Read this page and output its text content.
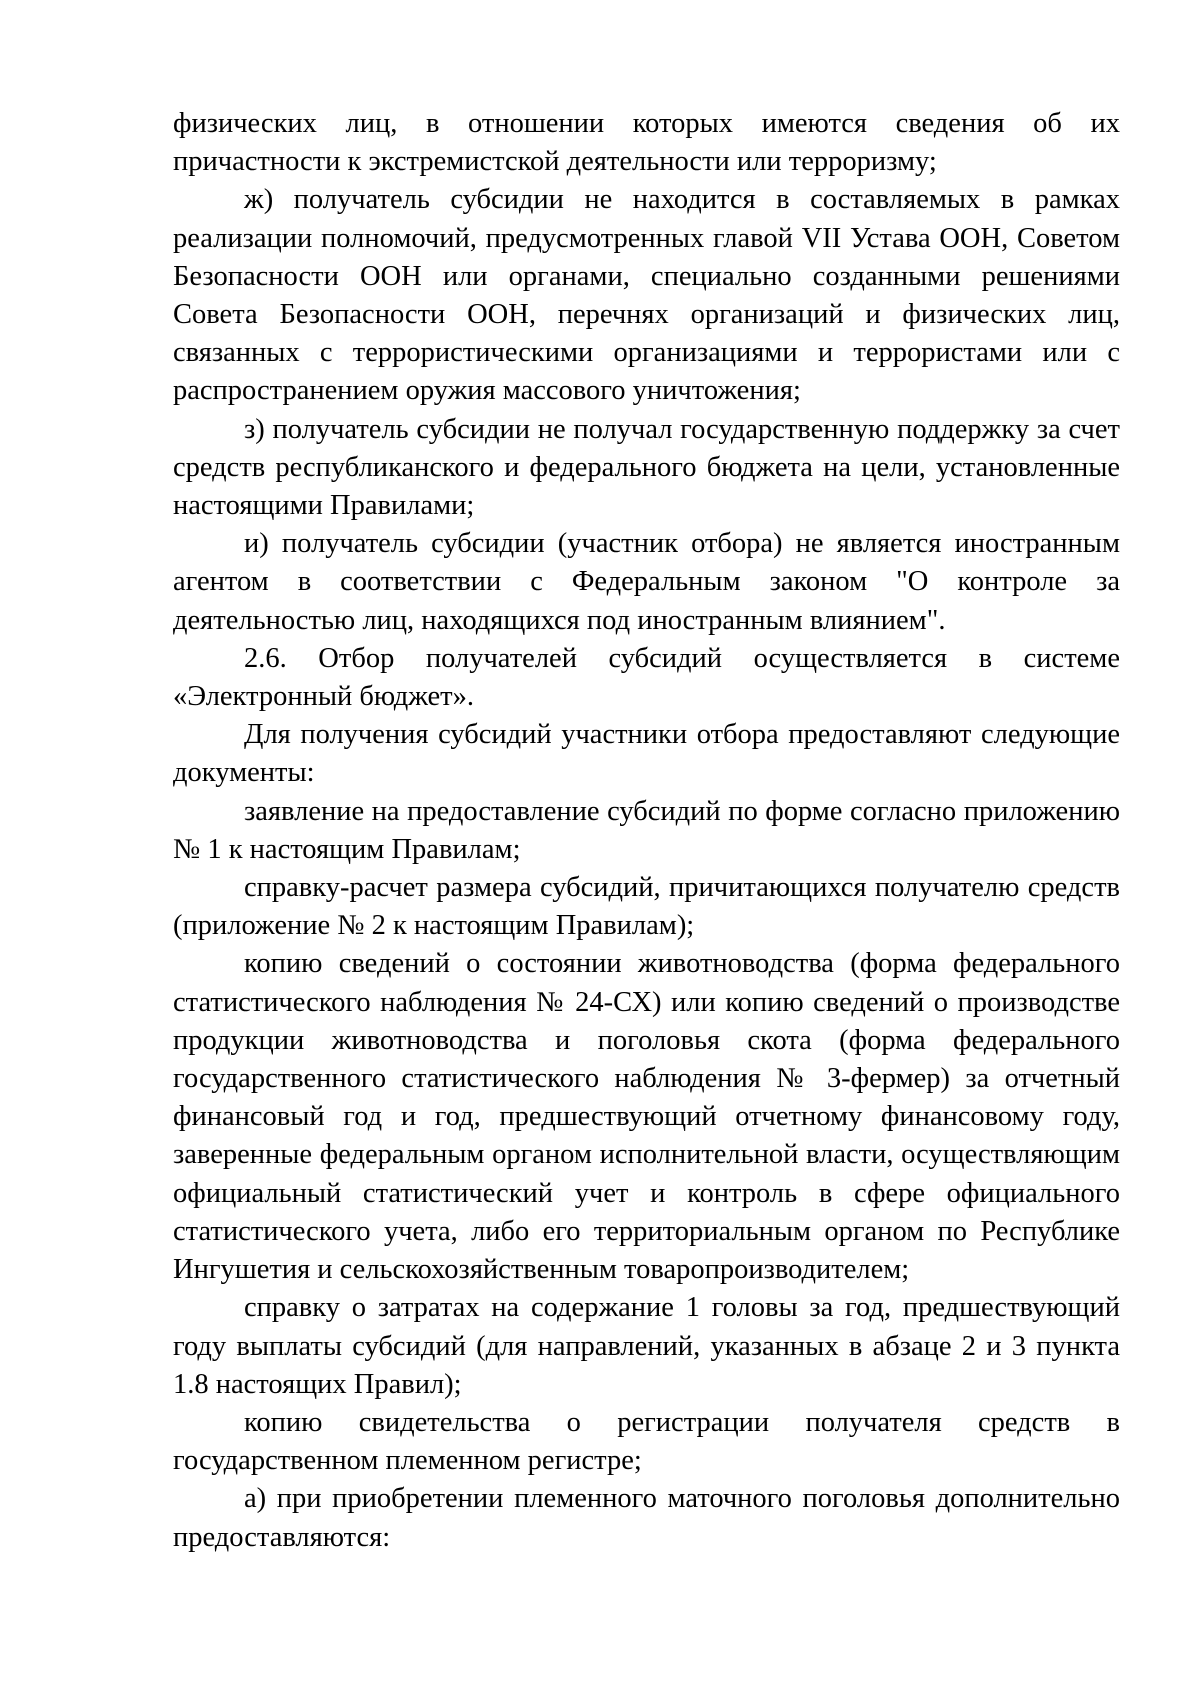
физических лиц, в отношении которых имеются сведения об их причастности к экстремистской деятельности или терроризму;

ж) получатель субсидии не находится в составляемых в рамках реализации полномочий, предусмотренных главой VII Устава ООН, Советом Безопасности ООН или органами, специально созданными решениями Совета Безопасности ООН, перечнях организаций и физических лиц, связанных с террористическими организациями и террористами или с распространением оружия массового уничтожения;

з) получатель субсидии не получал государственную поддержку за счет средств республиканского и федерального бюджета на цели, установленные настоящими Правилами;

и) получатель субсидии (участник отбора) не является иностранным агентом в соответствии с Федеральным законом "О контроле за деятельностью лиц, находящихся под иностранным влиянием".

2.6. Отбор получателей субсидий осуществляется в системе «Электронный бюджет».

Для получения субсидий участники отбора предоставляют следующие документы:

заявление на предоставление субсидий по форме согласно приложению № 1 к настоящим Правилам;

справку-расчет размера субсидий, причитающихся получателю средств (приложение № 2 к настоящим Правилам);

копию сведений о состоянии животноводства (форма федерального статистического наблюдения № 24-СХ) или копию сведений о производстве продукции животноводства и поголовья скота (форма федерального государственного статистического наблюдения № 3-фермер) за отчетный финансовый год и год, предшествующий отчетному финансовому году, заверенные федеральным органом исполнительной власти, осуществляющим официальный статистический учет и контроль в сфере официального статистического учета, либо его территориальным органом по Республике Ингушетия и сельскохозяйственным товаропроизводителем;

справку о затратах на содержание 1 головы за год, предшествующий году выплаты субсидий (для направлений, указанных в абзаце 2 и 3 пункта 1.8 настоящих Правил);

копию свидетельства о регистрации получателя средств в государственном племенном регистре;

а) при приобретении племенного маточного поголовья дополнительно предоставляются:
